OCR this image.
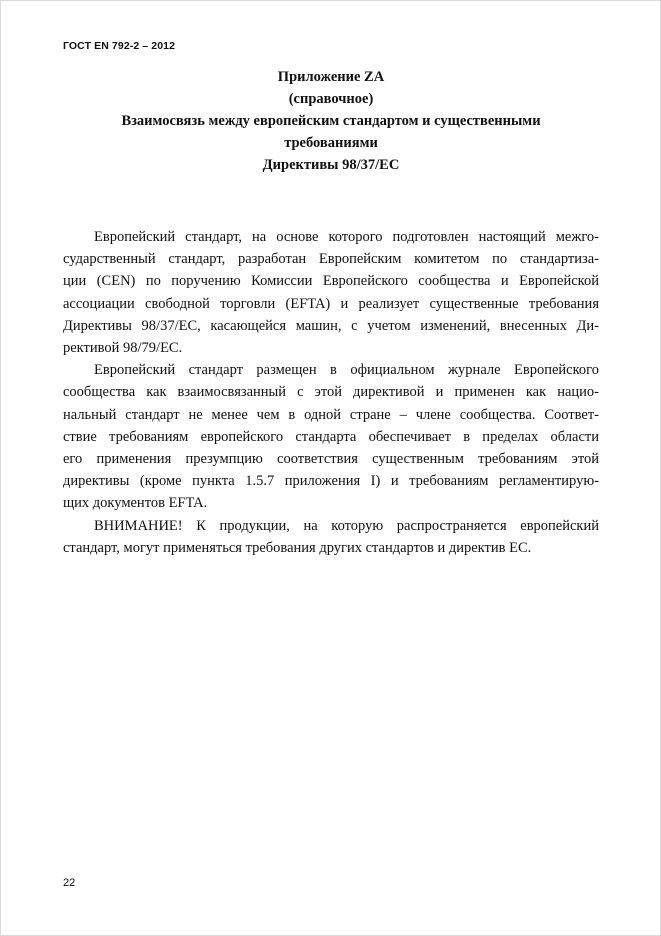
ГОСТ EN 792-2 – 2012
Приложение ZA
(справочное)
Взаимосвязь между европейским стандартом и существенными
требованиями
Директивы 98/37/ЕС
Европейский стандарт, на основе которого подготовлен настоящий межго-
сударственный стандарт, разработан Европейским комитетом по стандартиза-
ции (CEN) по поручению Комиссии Европейского сообщества и Европейской
ассоциации свободной торговли (EFTA) и реализует существенные требования
Директивы 98/37/ЕС, касающейся машин, с учетом изменений, внесенных Ди-
рективой 98/79/ЕС.
Европейский стандарт размещен в официальном журнале Европейского
сообщества как взаимосвязанный с этой директивой и применен как нацио-
нальный стандарт не менее чем в одной стране – члене сообщества. Соответ-
ствие требованиям европейского стандарта обеспечивает в пределах области
его применения презумпцию соответствия существенным требованиям этой
директивы (кроме пункта 1.5.7 приложения I) и требованиям регламентирую-
щих документов EFTA.
ВНИМАНИЕ! К продукции, на которую распространяется европейский
стандарт, могут применяться требования других стандартов и директив ЕС.
22
